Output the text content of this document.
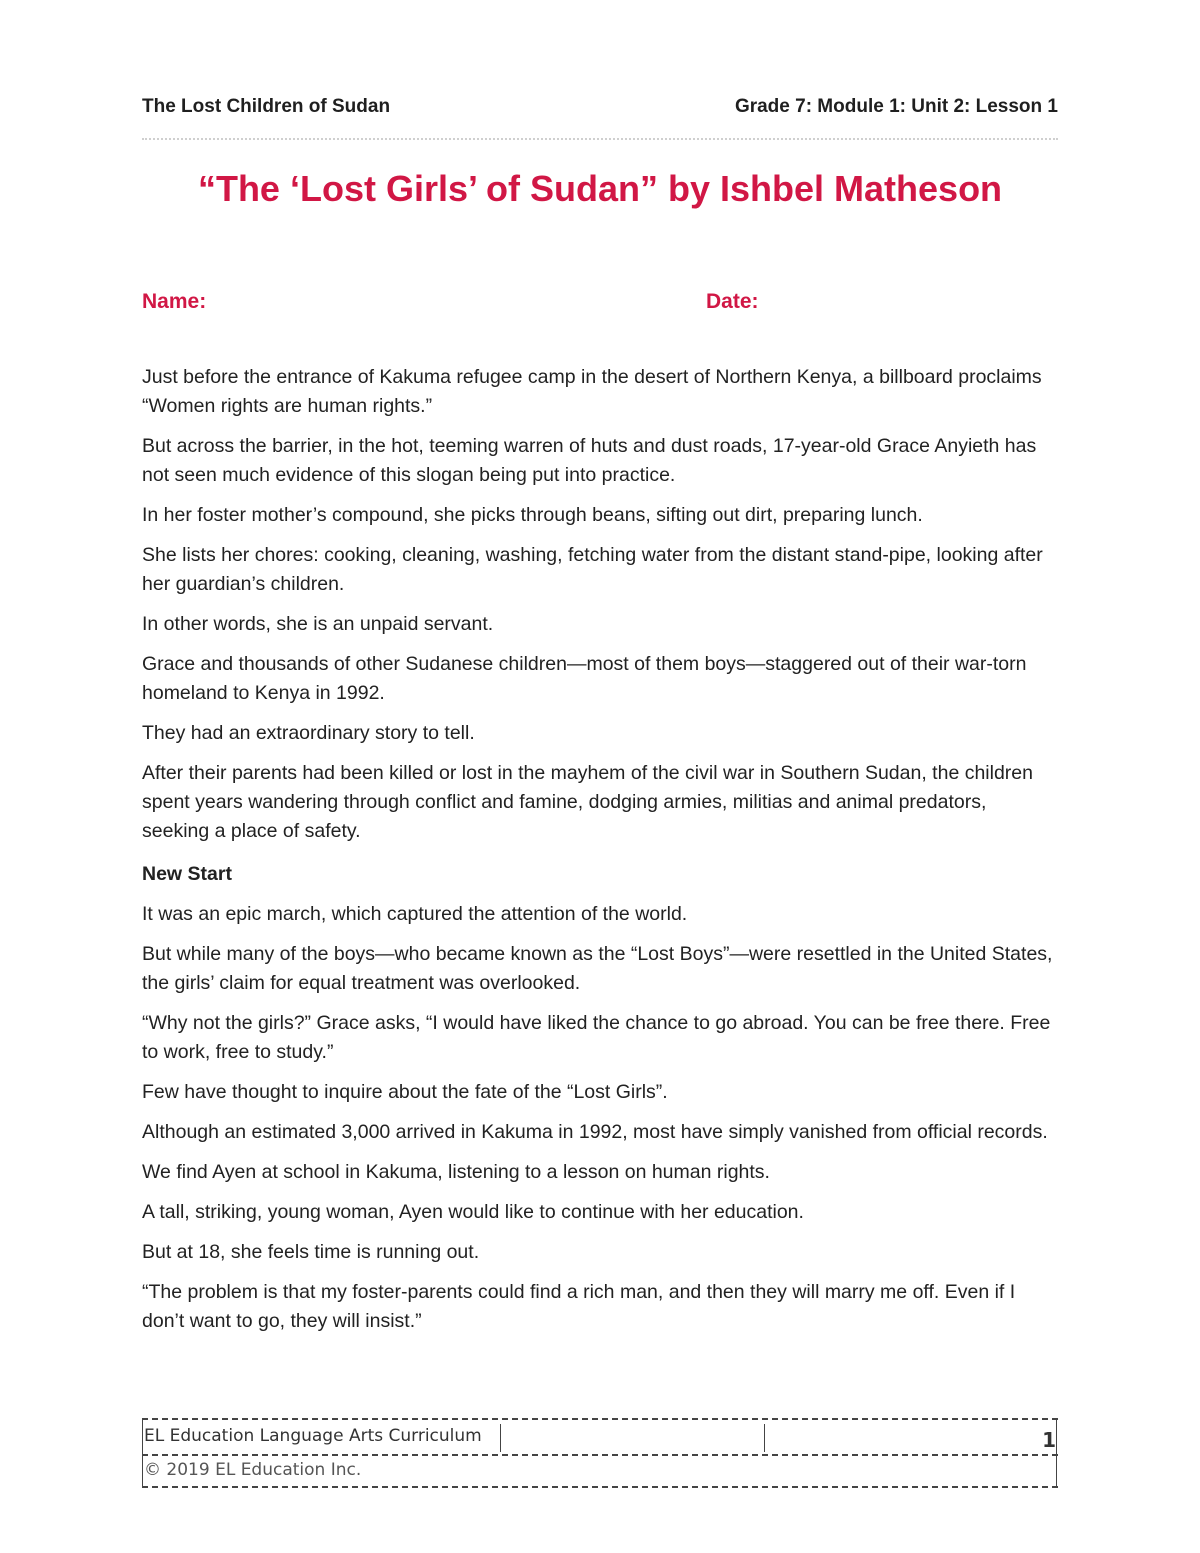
The Lost Children of Sudan	Grade 7: Module 1: Unit 2: Lesson 1
“The ‘Lost Girls’ of Sudan” by Ishbel Matheson
Name:	Date:

Just before the entrance of Kakuma refugee camp in the desert of Northern Kenya, a billboard proclaims “Women rights are human rights.”

But across the barrier, in the hot, teeming warren of huts and dust roads, 17-year-old Grace Anyieth has not seen much evidence of this slogan being put into practice.

In her foster mother’s compound, she picks through beans, sifting out dirt, preparing lunch.

She lists her chores: cooking, cleaning, washing, fetching water from the distant stand-pipe, looking after her guardian’s children.

In other words, she is an unpaid servant.

Grace and thousands of other Sudanese children—most of them boys—staggered out of their war-torn homeland to Kenya in 1992.

They had an extraordinary story to tell.

After their parents had been killed or lost in the mayhem of the civil war in Southern Sudan, the children spent years wandering through conflict and famine, dodging armies, militias and animal predators, seeking a place of safety.

New Start

It was an epic march, which captured the attention of the world.

But while many of the boys—who became known as the “Lost Boys”—were resettled in the United States, the girls’ claim for equal treatment was overlooked.

“Why not the girls?” Grace asks, “I would have liked the chance to go abroad. You can be free there. Free to work, free to study.”

Few have thought to inquire about the fate of the “Lost Girls”.

Although an estimated 3,000 arrived in Kakuma in 1992, most have simply vanished from official records.

We find Ayen at school in Kakuma, listening to a lesson on human rights.

A tall, striking, young woman, Ayen would like to continue with her education.

But at 18, she feels time is running out.

“The problem is that my foster-parents could find a rich man, and then they will marry me off. Even if I don’t want to go, they will insist.”

EL Education Language Arts Curriculum	1
© 2019 EL Education Inc.
